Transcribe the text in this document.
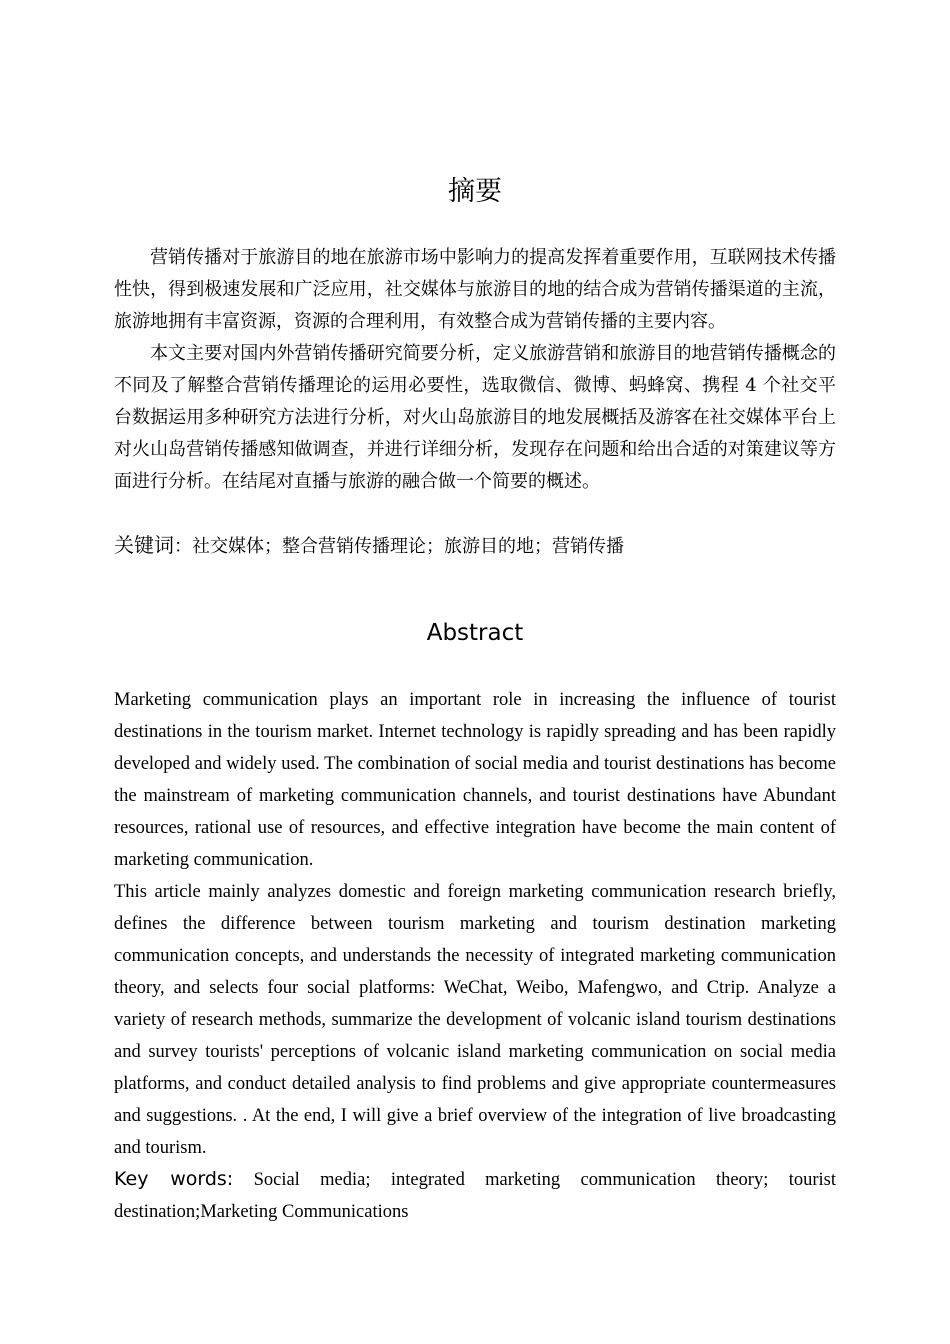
摘要

营销传播对于旅游目的地在旅游市场中影响力的提高发挥着重要作用，互联网技术传播性快，得到极速发展和广泛应用，社交媒体与旅游目的地的结合成为营销传播渠道的主流，旅游地拥有丰富资源，资源的合理利用，有效整合成为营销传播的主要内容。

本文主要对国内外营销传播研究简要分析，定义旅游营销和旅游目的地营销传播概念的不同及了解整合营销传播理论的运用必要性，选取微信、微博、蚂蜂窝、携程 4 个社交平台数据运用多种研究方法进行分析，对火山岛旅游目的地发展概括及游客在社交媒体平台上对火山岛营销传播感知做调查，并进行详细分析，发现存在问题和给出合适的对策建议等方面进行分析。在结尾对直播与旅游的融合做一个简要的概述。

关键词：社交媒体；整合营销传播理论；旅游目的地；营销传播
Abstract

Marketing communication plays an important role in increasing the influence of tourist destinations in the tourism market. Internet technology is rapidly spreading and has been rapidly developed and widely used. The combination of social media and tourist destinations has become the mainstream of marketing communication channels, and tourist destinations have Abundant resources, rational use of resources, and effective integration have become the main content of marketing communication.

This article mainly analyzes domestic and foreign marketing communication research briefly, defines the difference between tourism marketing and tourism destination marketing communication concepts, and understands the necessity of integrated marketing communication theory, and selects four social platforms: WeChat, Weibo, Mafengwo, and Ctrip. Analyze a variety of research methods, summarize the development of volcanic island tourism destinations and survey tourists' perceptions of volcanic island marketing communication on social media platforms, and conduct detailed analysis to find problems and give appropriate countermeasures and suggestions. . At the end, I will give a brief overview of the integration of live broadcasting and tourism.

Key words: Social media; integrated marketing communication theory; tourist destination;Marketing Communications
